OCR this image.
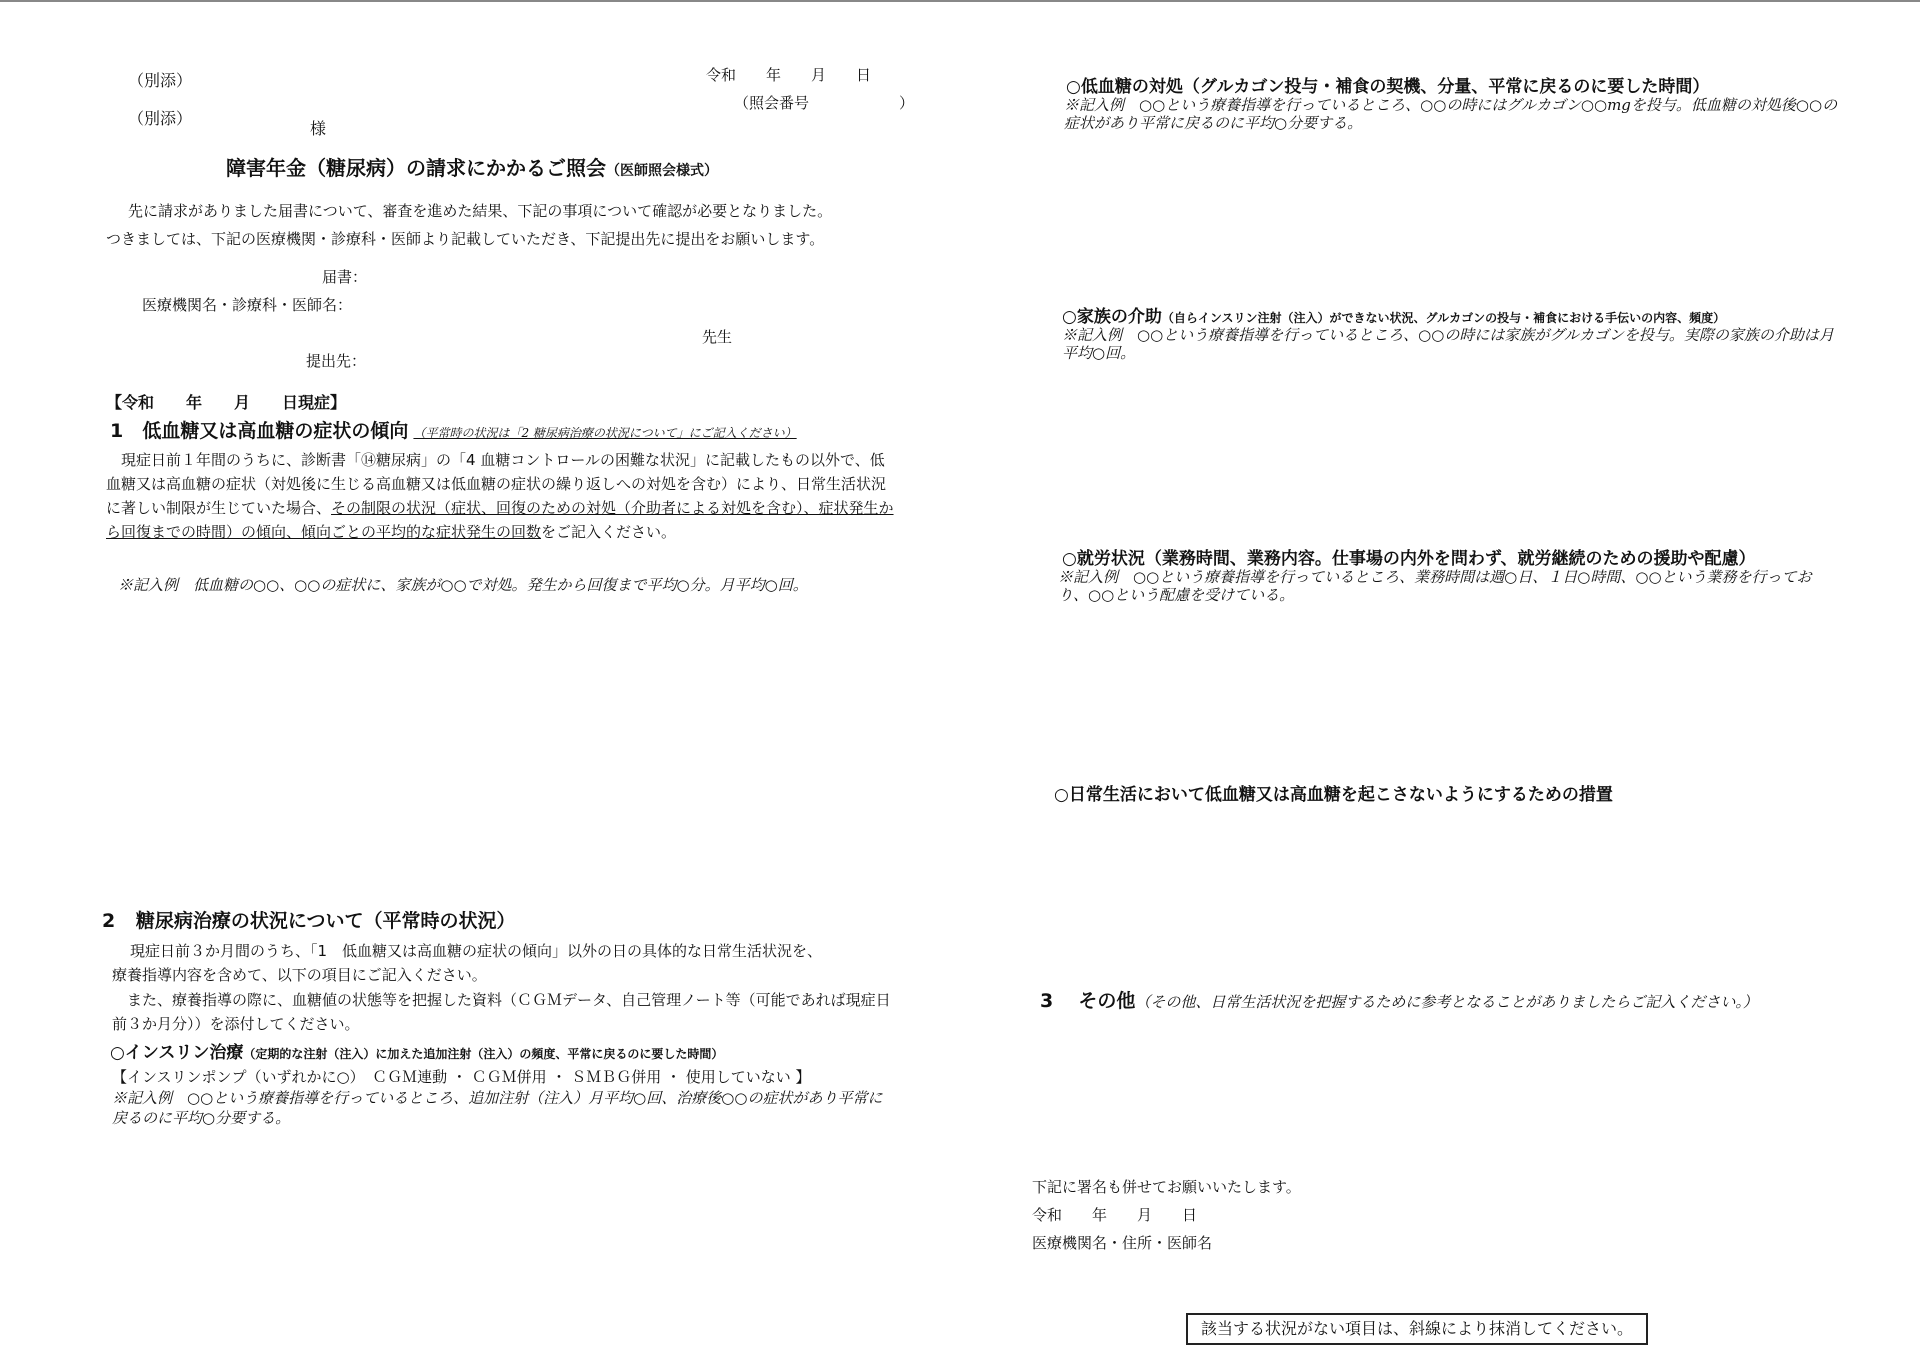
（別添）
（別添）
様
令和　　年　　月　　日
（照会番号　　　　　　）
障害年金（糖尿病）の請求にかかるご照会（医師照会様式）
先に請求がありました届書について、審査を進めた結果、下記の事項について確認が必要となりました。
つきましては、下記の医療機関・診療科・医師より記載していただき、下記提出先に提出をお願いします。
届書：
医療機関名・診療科・医師名：
先生
提出先：
【令和　　年　　月　　日現症】
1 低血糖又は高血糖の症状の傾向 （平常時の状況は「2 糖尿病治療の状況について」にご記入ください）
現症日前１年間のうちに、診断書「⑭糖尿病」の「4 血糖コントロールの困難な状況」に記載したもの以外で、低血糖又は高血糖の症状（対処後に生じる高血糖又は低血糖の症状の繰り返しへの対処を含む）により、日常生活状況に著しい制限が生じていた場合、その制限の状況（症状、回復のための対処（介助者による対処を含む）、症状発生から回復までの時間）の傾向、傾向ごとの平均的な症状発生の回数をご記入ください。
※記入例　低血糖の○○、○○の症状に、家族が○○で対処。発生から回復まで平均○分。月平均○回。
2 糖尿病治療の状況について（平常時の状況）
現症日前３か月間のうち、「1　低血糖又は高血糖の症状の傾向」以外の日の具体的な日常生活状況を、
療養指導内容を含めて、以下の項目にご記入ください。
また、療養指導の際に、血糖値の状態等を把握した資料（ＣＧＭデータ、自己管理ノート等（可能であれば現症日前３か月分））を添付してください。
○インスリン治療（定期的な注射（注入）に加えた追加注射（注入）の頻度、平常に戻るのに要した時間）
【インスリンポンプ（いずれかに○）　ＣＧＭ連動 ・ ＣＧＭ併用 ・ ＳＭＢＧ併用 ・ 使用していない 】
※記入例　○○という療養指導を行っているところ、追加注射（注入）月平均○回、治療後○○の症状があり平常に戻るのに平均○分要する。
○低血糖の対処（グルカゴン投与・補食の契機、分量、平常に戻るのに要した時間）
※記入例　○○という療養指導を行っているところ、○○の時にはグルカゴン○○mgを投与。低血糖の対処後○○の症状があり平常に戻るのに平均○分要する。
○家族の介助（自らインスリン注射（注入）ができない状況、グルカゴンの投与・補食における手伝いの内容、頻度）
※記入例　○○という療養指導を行っているところ、○○の時には家族がグルカゴンを投与。実際の家族の介助は月平均○回。
○就労状況（業務時間、業務内容。仕事場の内外を問わず、就労継続のための援助や配慮）
※記入例　○○という療養指導を行っているところ、業務時間は週○日、１日○時間、○○という業務を行っており、○○という配慮を受けている。
○日常生活において低血糖又は高血糖を起こさないようにするための措置
3 その他（その他、日常生活状況を把握するために参考となることがありましたらご記入ください。）
下記に署名も併せてお願いいたします。
令和　　年　　月　　日
医療機関名・住所・医師名
該当する状況がない項目は、斜線により抹消してください。
